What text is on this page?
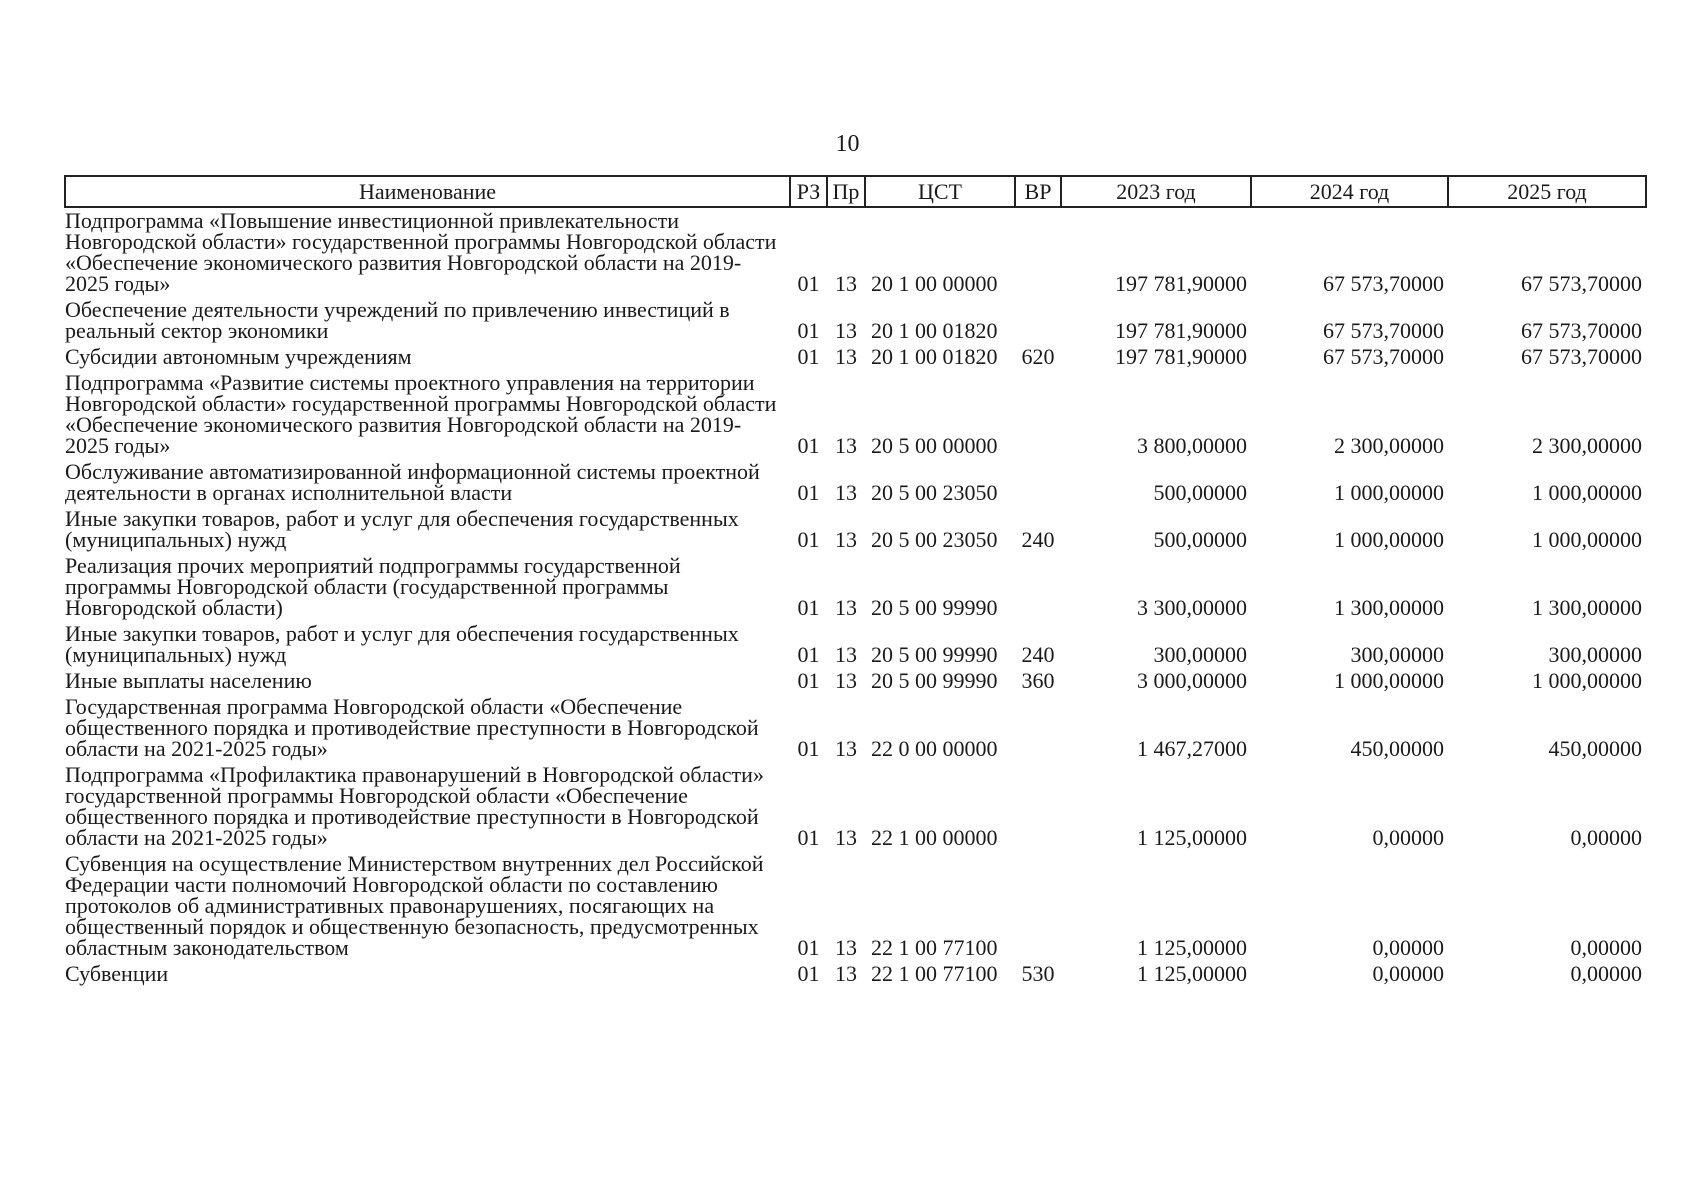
10
Наименование	РЗ	Пр	ЦСТ	ВР	2023 год	2024 год	2025 год
Подпрограмма «Повышение инвестиционной привлекательности Новгородской области» государственной программы Новгородской области «Обеспечение экономического развития Новгородской области на 2019-2025 годы»	01	13	20 1 00 00000		197 781,90000	67 573,70000	67 573,70000
Обеспечение деятельности учреждений по привлечению инвестиций в реальный сектор экономики	01	13	20 1 00 01820		197 781,90000	67 573,70000	67 573,70000
Субсидии автономным учреждениям	01	13	20 1 00 01820	620	197 781,90000	67 573,70000	67 573,70000
Подпрограмма «Развитие системы проектного управления на территории Новгородской области» государственной программы Новгородской области «Обеспечение экономического развития Новгородской области на 2019-2025 годы»	01	13	20 5 00 00000		3 800,00000	2 300,00000	2 300,00000
Обслуживание автоматизированной информационной системы проектной деятельности в органах исполнительной власти	01	13	20 5 00 23050		500,00000	1 000,00000	1 000,00000
Иные закупки товаров, работ и услуг для обеспечения государственных (муниципальных) нужд	01	13	20 5 00 23050	240	500,00000	1 000,00000	1 000,00000
Реализация прочих мероприятий подпрограммы государственной программы Новгородской области (государственной программы Новгородской области)	01	13	20 5 00 99990		3 300,00000	1 300,00000	1 300,00000
Иные закупки товаров, работ и услуг для обеспечения государственных (муниципальных) нужд	01	13	20 5 00 99990	240	300,00000	300,00000	300,00000
Иные выплаты населению	01	13	20 5 00 99990	360	3 000,00000	1 000,00000	1 000,00000
Государственная программа Новгородской области «Обеспечение общественного порядка и противодействие преступности в Новгородской области на 2021-2025 годы»	01	13	22 0 00 00000		1 467,27000	450,00000	450,00000
Подпрограмма «Профилактика правонарушений в Новгородской области» государственной программы Новгородской области «Обеспечение общественного порядка и противодействие преступности в Новгородской области на 2021-2025 годы»	01	13	22 1 00 00000		1 125,00000	0,00000	0,00000
Субвенция на осуществление Министерством внутренних дел Российской Федерации части полномочий Новгородской области по составлению протоколов об административных правонарушениях, посягающих на общественный порядок и общественную безопасность, предусмотренных областным законодательством	01	13	22 1 00 77100		1 125,00000	0,00000	0,00000
Субвенции	01	13	22 1 00 77100	530	1 125,00000	0,00000	0,00000
